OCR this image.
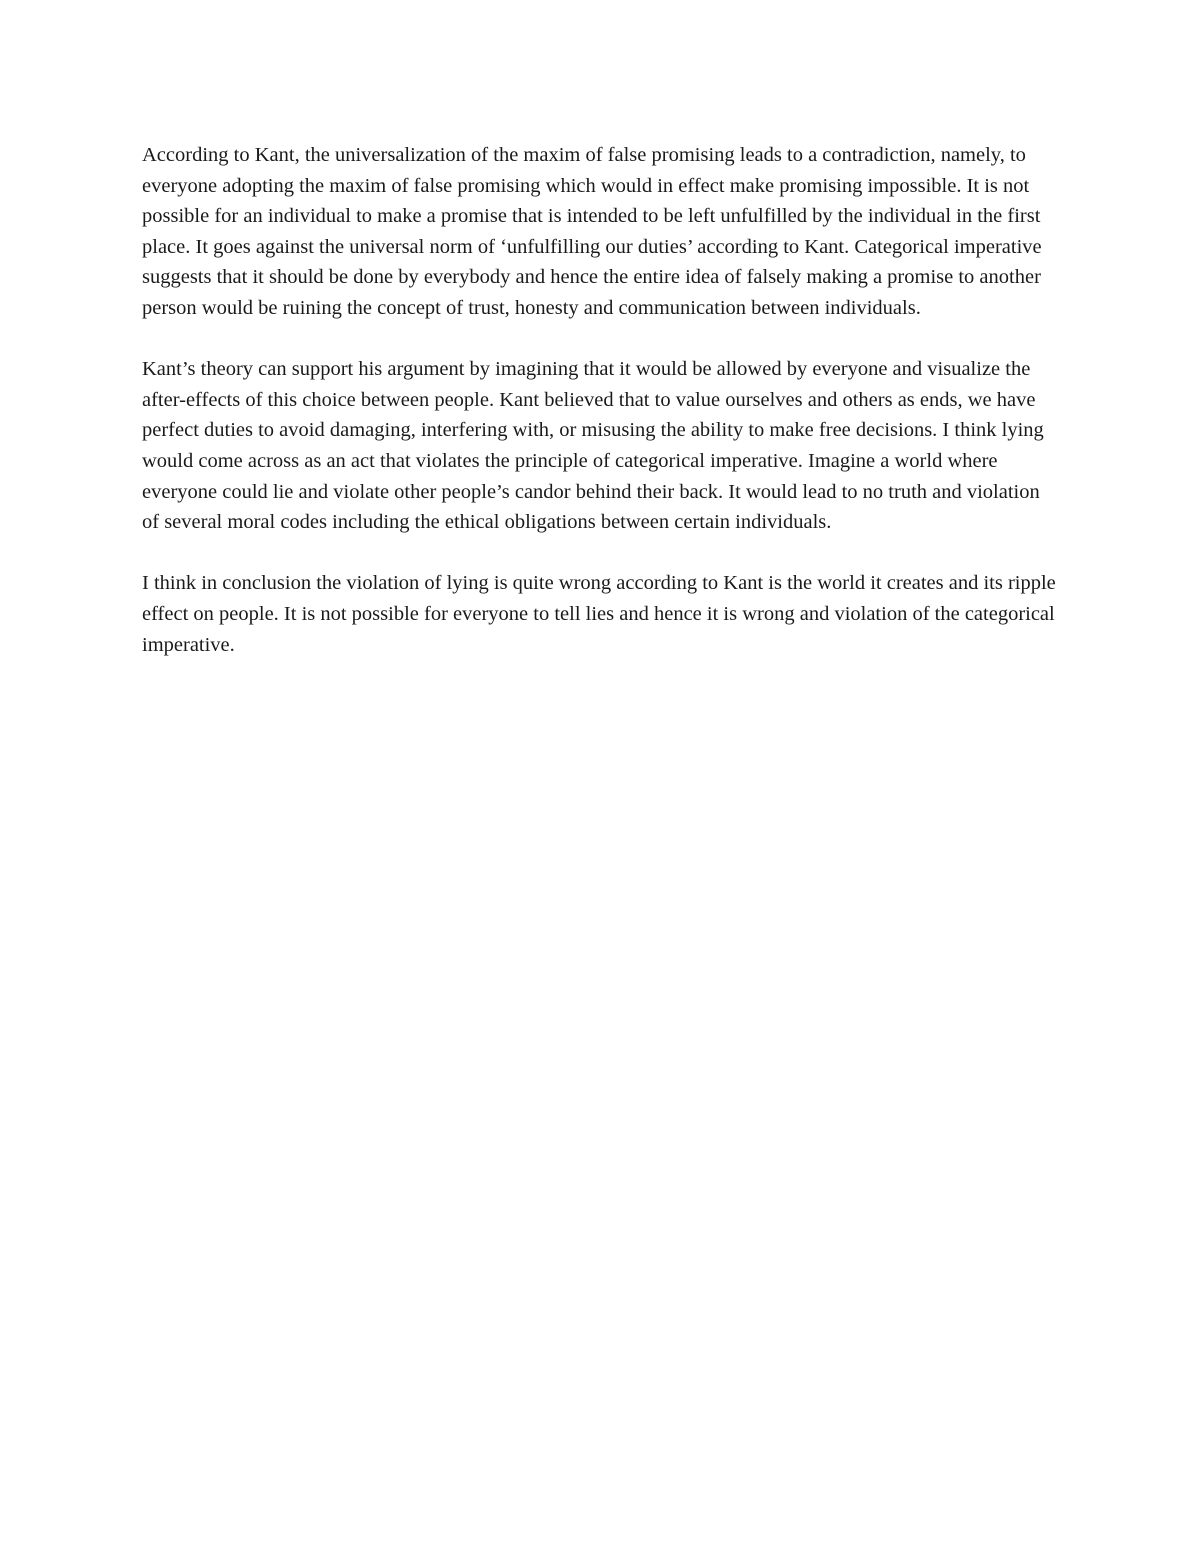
According to Kant, the universalization of the maxim of false promising leads to a contradiction, namely, to everyone adopting the maxim of false promising which would in effect make promising impossible. It is not possible for an individual to make a promise that is intended to be left unfulfilled by the individual in the first place. It goes against the universal norm of ‘unfulfilling our duties’ according to Kant. Categorical imperative suggests that it should be done by everybody and hence the entire idea of falsely making a promise to another person would be ruining the concept of trust, honesty and communication between individuals.

Kant’s theory can support his argument by imagining that it would be allowed by everyone and visualize the after-effects of this choice between people. Kant believed that to value ourselves and others as ends, we have perfect duties to avoid damaging, interfering with, or misusing the ability to make free decisions. I think lying would come across as an act that violates the principle of categorical imperative. Imagine a world where everyone could lie and violate other people’s candor behind their back. It would lead to no truth and violation of several moral codes including the ethical obligations between certain individuals.

I think in conclusion the violation of lying is quite wrong according to Kant is the world it creates and its ripple effect on people. It is not possible for everyone to tell lies and hence it is wrong and violation of the categorical imperative.
